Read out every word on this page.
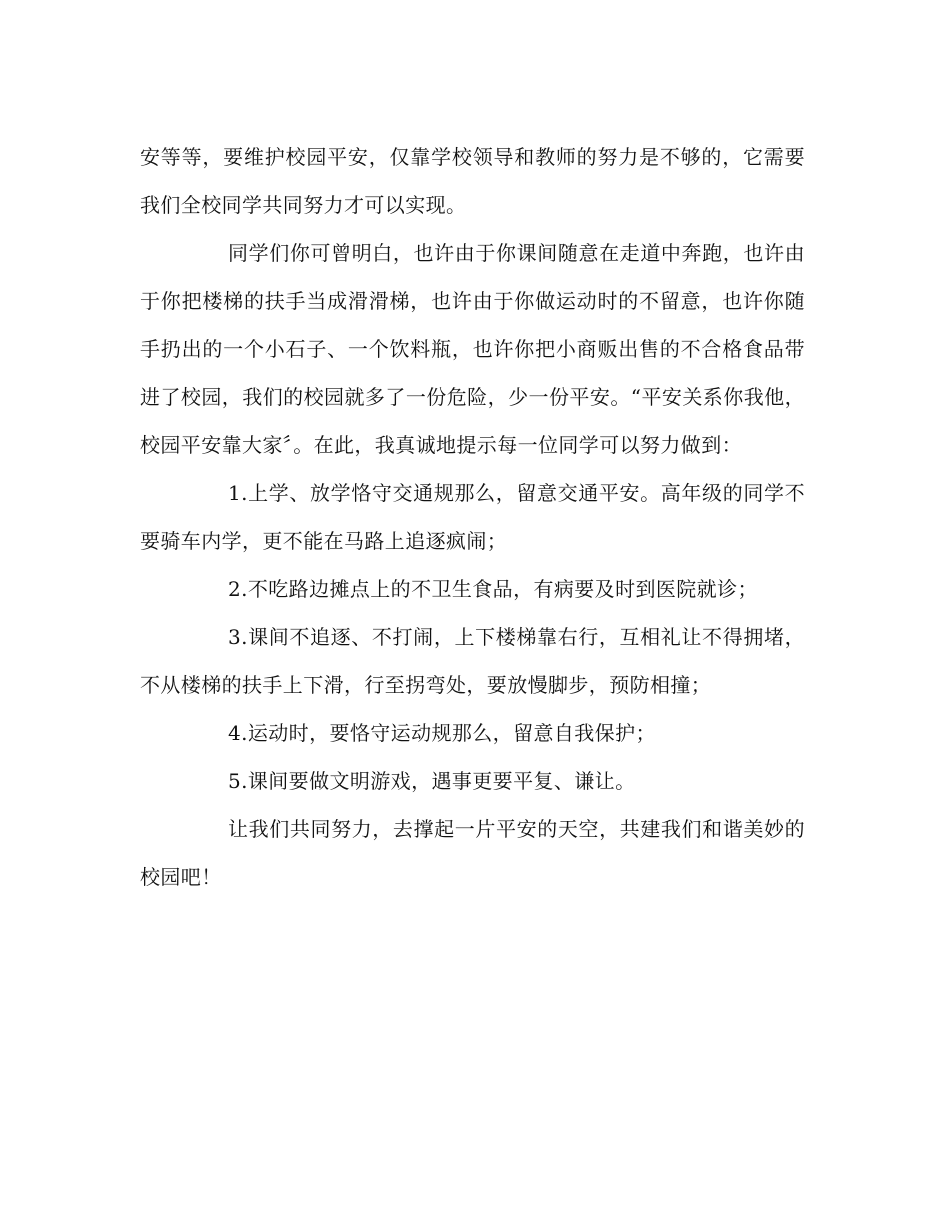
安等等，要维护校园平安，仅靠学校领导和教师的努力是不够的，它需要我们全校同学共同努力才可以实现。

同学们你可曾明白，也许由于你课间随意在走道中奔跑，也许由于你把楼梯的扶手当成滑滑梯，也许由于你做运动时的不留意，也许你随手扔出的一个小石子、一个饮料瓶，也许你把小商贩出售的不合格食品带进了校园，我们的校园就多了一份危险，少一份平安。“平安关系你我他，校园平安靠大家〞。在此，我真诚地提示每一位同学可以努力做到：

1.上学、放学恪守交通规那么，留意交通平安。高年级的同学不要骑车内学，更不能在马路上追逐疯闹；

2.不吃路边摊点上的不卫生食品，有病要及时到医院就诊；

3.课间不追逐、不打闹，上下楼梯靠右行，互相礼让不得拥堵，不从楼梯的扶手上下滑，行至拐弯处，要放慢脚步，预防相撞；

4.运动时，要恪守运动规那么，留意自我保护；

5.课间要做文明游戏，遇事更要平复、谦让。

让我们共同努力，去撑起一片平安的天空，共建我们和谐美妙的校园吧！
